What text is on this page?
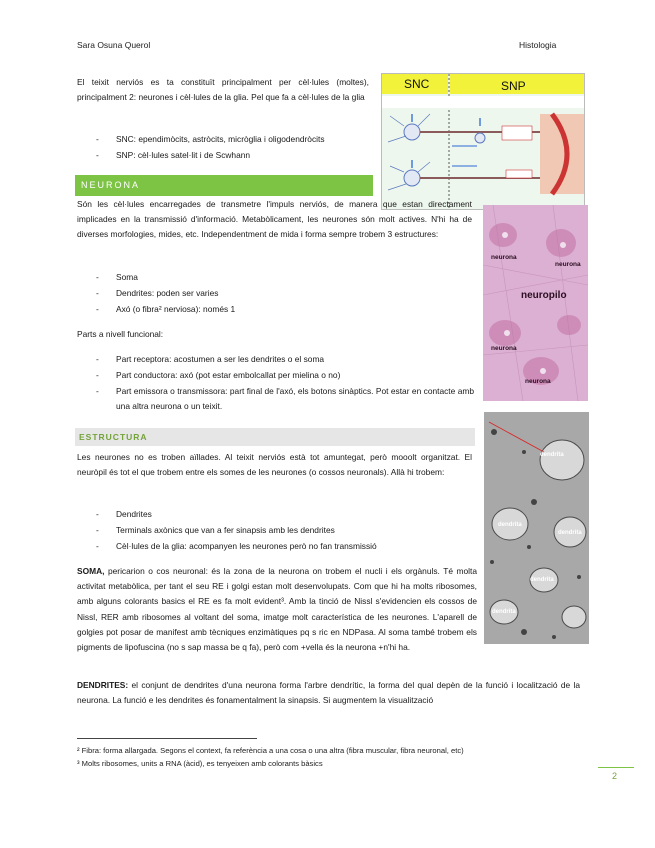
Sara Osuna Querol	Histologia
El teixit nerviós es ta constituït principalment per cèl·lules (moltes), principalment 2: neurones i cèl·lules de la glia. Pel que fa a cèl·lules de la glia
- SNC: ependimòcits, astròcits, micròglia i oligodendròcits
- SNP: cèl·lules satel·lit i de Scwhann
SNC	SNP
NEURONA
neurona
neurona
neuropilo
neurona
neurona
Són les cèl·lules encarregades de transmetre l'impuls nerviós, de manera que estan directament implicades en la transmissió d'informació. Metabòlicament, les neurones són molt actives. N'hi ha de diverses morfologies, mides, etc. Independentment de mida i forma sempre trobem 3 estructures:
- Soma
- Dendrites: poden ser varies
- Axó (o fibra² nerviosa): només 1
Parts a nivell funcional:
- Part receptora: acostumen a ser les dendrites o el soma
- Part conductora: axó (pot estar embolcallat per mielina o no)
- Part emissora o transmissora: part final de l'axó, els botons sinàptics. Pot estar en contacte amb una altra neurona o un teixit.
ESTRUCTURA
dendrita
dendrita
dendrita
dendrita
dendrita
Les neurones no es troben aïllades. Al teixit nerviós està tot amuntegat, però mooolt organitzat. El neuròpil és tot el que trobem entre els somes de les neurones (o cossos neuronals). Allà hi trobem:
- Dendrites
- Terminals axònics que van a fer sinapsis amb les dendrites
- Cèl·lules de la glia: acompanyen les neurones però no fan transmissió
SOMA, pericarion o cos neuronal: és la zona de la neurona on trobem el nucli i els orgànuls. Té molta activitat metabòlica, per tant el seu RE i golgi estan molt desenvolupats. Com que hi ha molts ribosomes, amb alguns colorants basics el RE es fa molt evident³. Amb la tinció de Nissl s'evidencien els cossos de Nissl, RER amb ribosomes al voltant del soma, imatge molt característica de les neurones. L'aparell de golgies pot posar de manifest amb tècniques enzimàtiques pq s ric en NDPasa. Al soma també trobem els pigments de lipofuscina (no s sap massa be q fa), però com +vella és la neurona +n'hi ha.
DENDRITES: el conjunt de dendrites d'una neurona forma l'arbre dendrític, la forma del qual depèn de la funció i localització de la neurona. La funció e les dendrites és fonamentalment la sinapsis. Si augmentem la visualització
² Fibra: forma allargada. Segons el context, fa referència a una cosa o una altra (fibra muscular, fibra neuronal, etc)
³ Molts ribosomes, units a RNA (àcid), es tenyeixen amb colorants bàsics
2
